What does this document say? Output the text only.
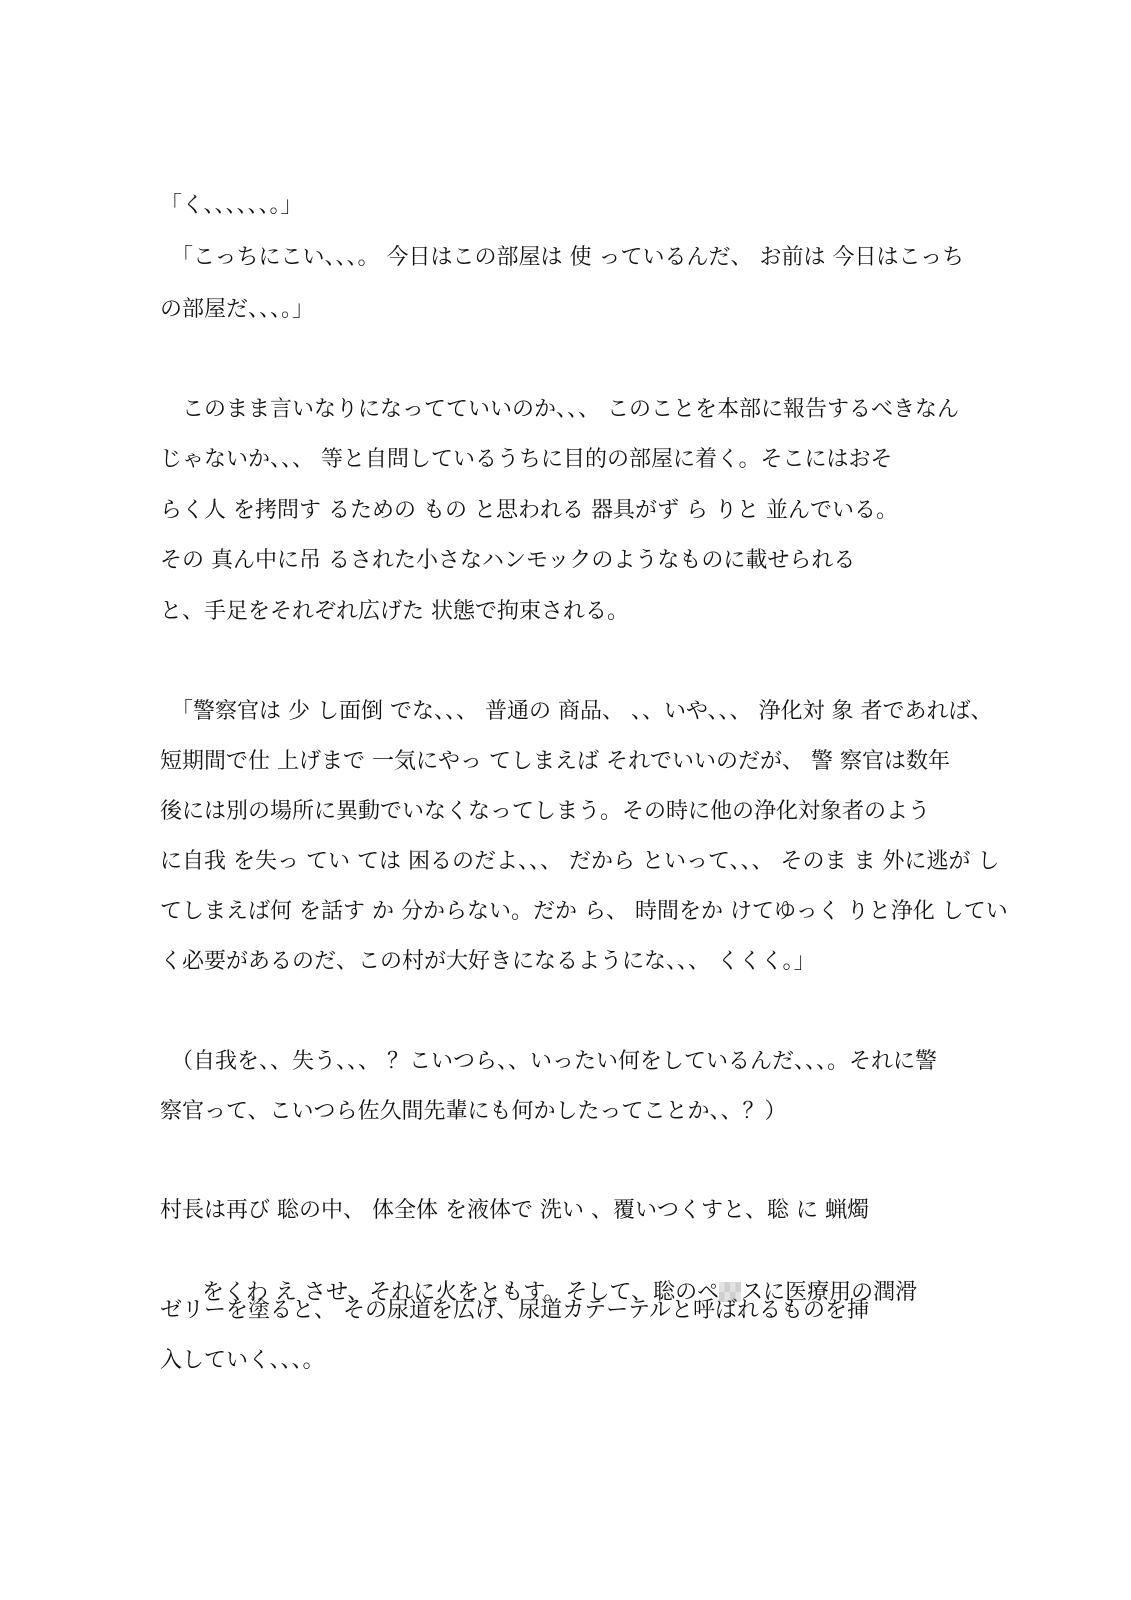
「く、、、、、、。」
　「こっちにこい、、、。 今日はこの部屋は 使 っているんだ、 お前は 今日はこっち
の部屋だ、、、。」
　このまま言いなりになってていいのか、、、 このことを本部に報告するべきなん
じゃないか、、、 等と自問しているうちに目的の部屋に着く。そこにはおそ
らく人 を拷問す るための もの と思われる 器具がず ら りと 並んでいる。
その 真ん中に吊 るされた小さなハンモックのようなものに載せられる
と、手足をそれぞれ広げた 状態で拘束される。
　「警察官は 少 し面倒 でな、、、 普通の 商品、 、、いや、、、 浄化対 象 者であれば、
短期間で仕 上げまで 一気にやっ てしまえば それでいいのだが、 警 察官は数年
後には別の場所に異動でいなくなってしまう。その時に他の浄化対象者のよう
に自我 を失っ てい ては 困るのだよ、、、 だから といって、、、 そのま ま 外に逃が し
てしまえば何 を話す か 分からない。だか ら、 時間をか けてゆっく りと浄化 してい
く必要があるのだ、この村が大好きになるようにな、、、 くくく。」
　（自我を、、失う、、、 ？こいつら、、いったい何をしているんだ、、、。それに警
察官って、こいつら佐久間先輩にも何かしたってことか、、？）
村長は再び 聡の中、 体全体 を液体で 洗い 、覆いつくすと、聡 に 蝋燭

をくわ え させ、それに火をともす。そして、聡のペ スに医療用の潤滑

ゼリーを塗ると、 その尿道を広げ、尿道カテーテルと呼ばれるものを挿
入していく、、、。
